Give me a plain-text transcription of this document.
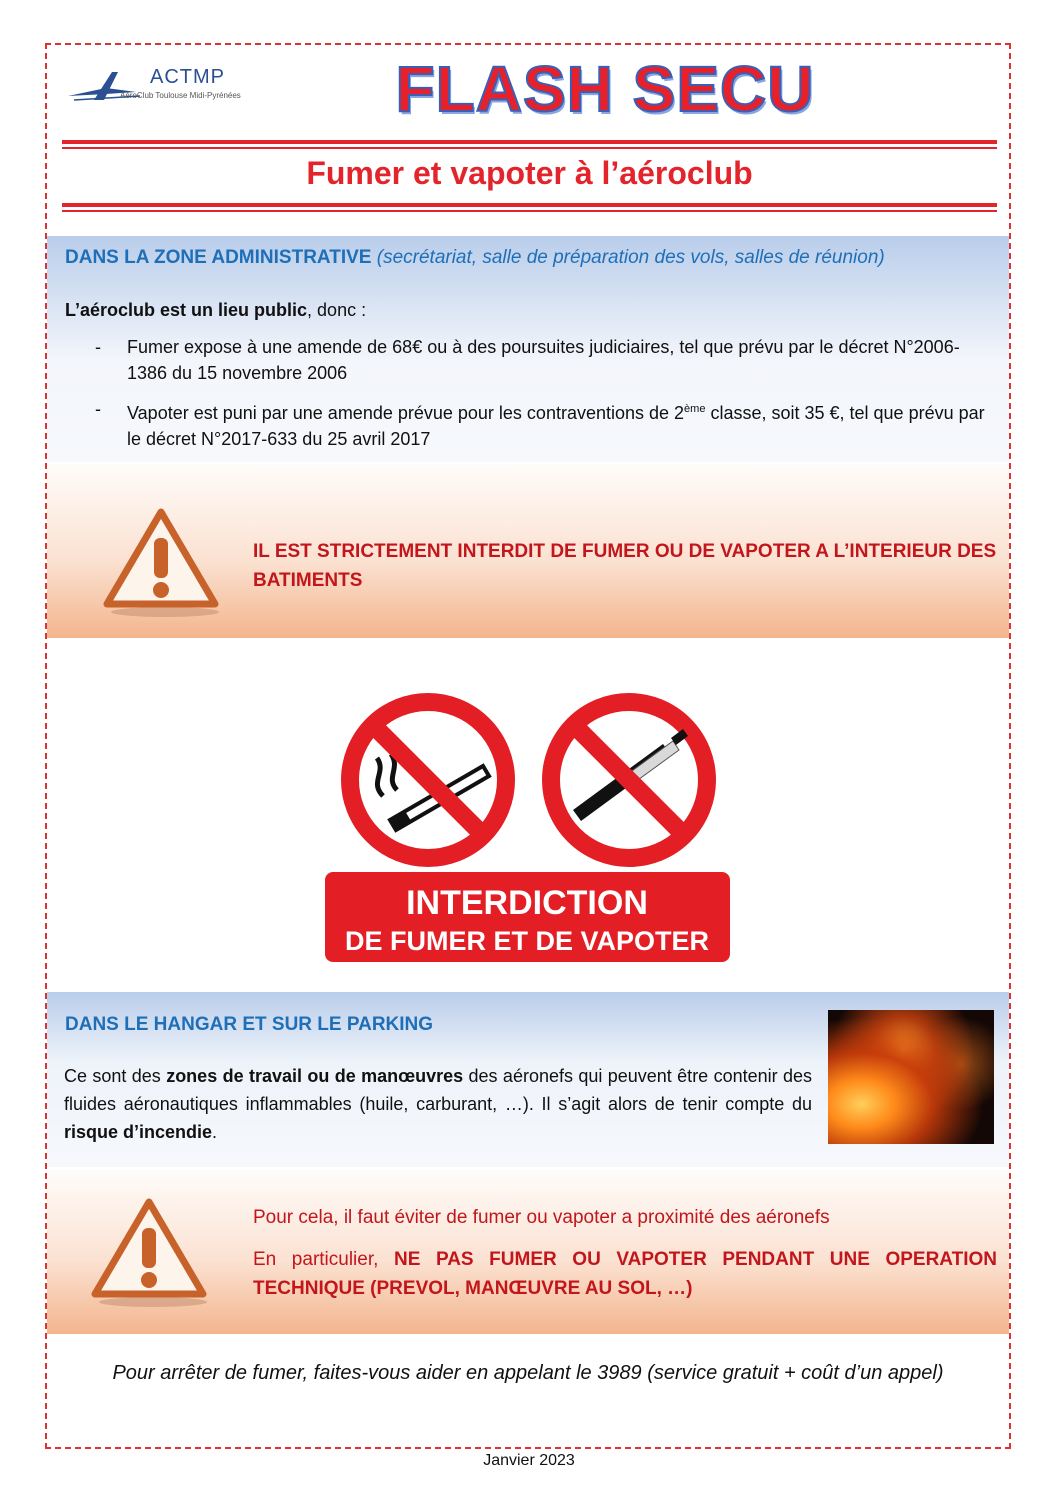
ACTMP
AéroClub Toulouse Midi-Pyrénées	FLASH SECU
Fumer et vapoter à l’aéroclub
DANS LA ZONE ADMINISTRATIVE (secrétariat, salle de préparation des vols, salles de réunion)
L’aéroclub est un lieu public, donc :
- Fumer expose à une amende de 68€ ou à des poursuites judiciaires, tel que prévu par le décret N°2006-1386 du 15 novembre 2006
- Vapoter est puni par une amende prévue pour les contraventions de 2ème classe, soit 35 €, tel que prévu par le décret N°2017-633 du 25 avril 2017
IL EST STRICTEMENT INTERDIT DE FUMER OU DE VAPOTER A L’INTERIEUR DES BATIMENTS
INTERDICTION
DE FUMER ET DE VAPOTER
DANS LE HANGAR ET SUR LE PARKING
Ce sont des zones de travail ou de manœuvres des aéronefs qui peuvent être contenir des fluides aéronautiques inflammables (huile, carburant, …). Il s’agit alors de tenir compte du risque d’incendie.
Pour cela, il faut éviter de fumer ou vapoter a proximité des aéronefs
En particulier, NE PAS FUMER OU VAPOTER PENDANT UNE OPERATION TECHNIQUE (PREVOL, MANŒUVRE AU SOL, …)
Pour arrêter de fumer, faites-vous aider en appelant le 3989 (service gratuit + coût d’un appel)
Janvier 2023
